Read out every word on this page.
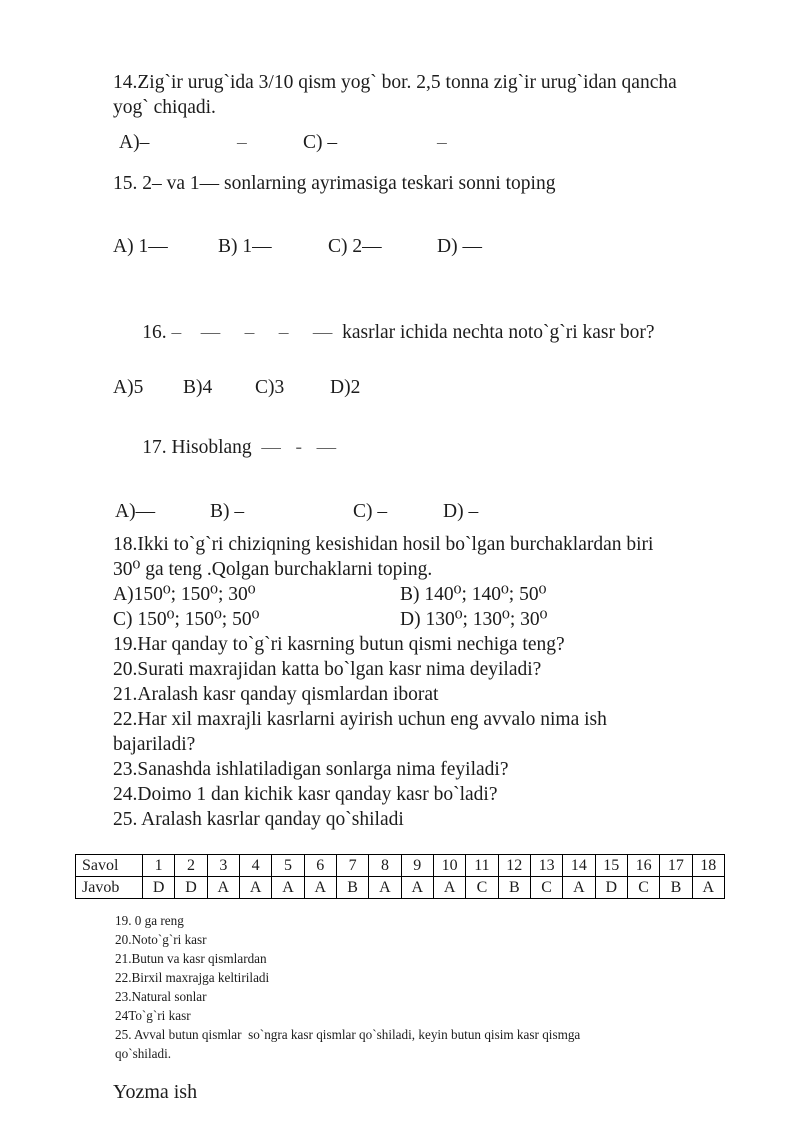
14.Zig`ir urug`ida 3/10 qism yog` bor. 2,5 tonna zig`ir urug`idan qancha
yog` chiqadi.

A)–

	–

	C) –

	–

15. 2– va 1— sonlarning ayrimasiga teskari sonni toping

A) 1—

	B) 1—

	C) 2—

	D) —

16. –    —     –     –     —  kasrlar ichida nechta noto`g`ri kasr bor?

A)5

B)4

C)3

D)2

17. Hisoblang  —   -   —

A)—

	B) –

	C) –

	D) –

18.Ikki to`g`ri chiziqning kesishidan hosil bo`lgan burchaklardan biri
30⁰ ga teng .Qolgan burchaklarni toping.

A)150⁰; 150⁰; 30⁰

	B) 140⁰; 140⁰; 50⁰

C) 150⁰; 150⁰; 50⁰

	D) 130⁰; 130⁰; 30⁰

19.Har qanday to`g`ri kasrning butun qismi nechiga teng?
20.Surati maxrajidan katta bo`lgan kasr nima deyiladi?
21.Aralash kasr qanday qismlardan iborat
22.Har xil maxrajli kasrlarni ayirish uchun eng avvalo nima ish
bajariladi?
23.Sanashda ishlatiladigan sonlarga nima feyiladi?
24.Doimo 1 dan kichik kasr qanday kasr bo`ladi?
25. Aralash kasrlar qanday qo`shiladi
Savol	1	2	3	4	5	6	7	8	9	10	11	12	13	14	15	16	17	18
Javob	D	D	A	A	A	A	B	A	A	A	C	B	C	A	D	C	B	A
19. 0 ga reng
20.Noto`g`ri kasr
21.Butun va kasr qismlardan
22.Birxil maxrajga keltiriladi
23.Natural sonlar
24To`g`ri kasr
25. Avval butun qismlar  so`ngra kasr qismlar qo`shiladi, keyin butun qisim kasr qismga
qo`shiladi.
Yozma ish
